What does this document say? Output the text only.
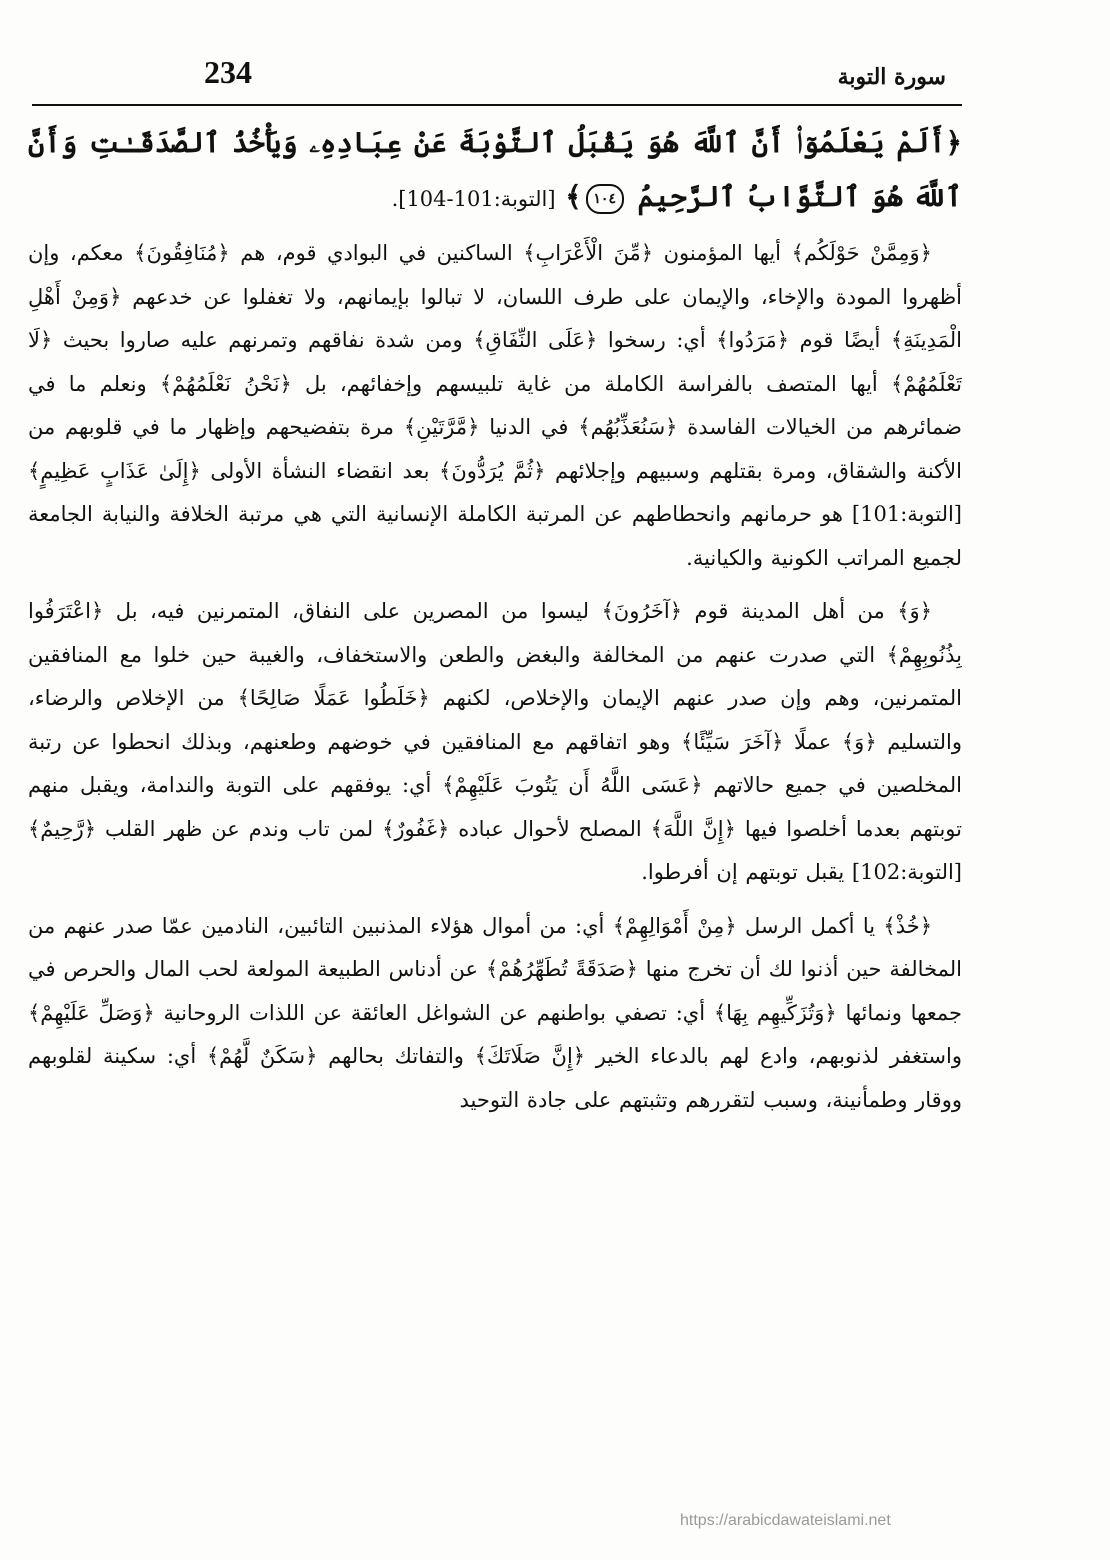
234	سورة التوبة

﴿أَلَمْ يَعْلَمُوٓا۟ أَنَّ ٱللَّهَ هُوَ يَقْبَلُ ٱلتَّوْبَةَ عَنْ عِبَادِهِۦ وَيَأْخُذُ ٱلصَّدَقَـٰتِ وَأَنَّ ٱللَّهَ هُوَ ٱلتَّوَّابُ ٱلرَّحِيمُ ١٠٤﴾ [التوبة:101-104].

﴿وَمِمَّنْ حَوْلَكُم﴾ أيها المؤمنون ﴿مِّنَ الْأَعْرَابِ﴾ الساكنين في البوادي قوم، هم ﴿مُنَافِقُونَ﴾ معكم، وإن أظهروا المودة والإخاء، والإيمان على طرف اللسان، لا تبالوا بإيمانهم، ولا تغفلوا عن خدعهم ﴿وَمِنْ أَهْلِ الْمَدِينَةِ﴾ أيضًا قوم ﴿مَرَدُوا﴾ أي: رسخوا ﴿عَلَى النِّفَاقِ﴾ ومن شدة نفاقهم وتمرنهم عليه صاروا بحيث ﴿لَا تَعْلَمُهُمْ﴾ أيها المتصف بالفراسة الكاملة من غاية تلبيسهم وإخفائهم، بل ﴿نَحْنُ نَعْلَمُهُمْ﴾ ونعلم ما في ضمائرهم من الخيالات الفاسدة ﴿سَنُعَذِّبُهُم﴾ في الدنيا ﴿مَّرَّتَيْنِ﴾ مرة بتفضيحهم وإظهار ما في قلوبهم من الأكنة والشقاق، ومرة بقتلهم وسبيهم وإجلائهم ﴿ثُمَّ يُرَدُّونَ﴾ بعد انقضاء النشأة الأولى ﴿إِلَىٰ عَذَابٍ عَظِيمٍ﴾ [التوبة:101] هو حرمانهم وانحطاطهم عن المرتبة الكاملة الإنسانية التي هي مرتبة الخلافة والنيابة الجامعة لجميع المراتب الكونية والكيانية.

﴿وَ﴾ من أهل المدينة قوم ﴿آخَرُونَ﴾ ليسوا من المصرين على النفاق، المتمرنين فيه، بل ﴿اعْتَرَفُوا بِذُنُوبِهِمْ﴾ التي صدرت عنهم من المخالفة والبغض والطعن والاستخفاف، والغيبة حين خلوا مع المنافقين المتمرنين، وهم وإن صدر عنهم الإيمان والإخلاص، لكنهم ﴿خَلَطُوا عَمَلًا صَالِحًا﴾ من الإخلاص والرضاء، والتسليم ﴿وَ﴾ عملًا ﴿آخَرَ سَيِّئًا﴾ وهو اتفاقهم مع المنافقين في خوضهم وطعنهم، وبذلك انحطوا عن رتبة المخلصين في جميع حالاتهم ﴿عَسَى اللَّهُ أَن يَتُوبَ عَلَيْهِمْ﴾ أي: يوفقهم على التوبة والندامة، ويقبل منهم توبتهم بعدما أخلصوا فيها ﴿إِنَّ اللَّهَ﴾ المصلح لأحوال عباده ﴿غَفُورٌ﴾ لمن تاب وندم عن ظهر القلب ﴿رَّحِيمٌ﴾ [التوبة:102] يقبل توبتهم إن أفرطوا.

﴿خُذْ﴾ يا أكمل الرسل ﴿مِنْ أَمْوَالِهِمْ﴾ أي: من أموال هؤلاء المذنبين التائبين، النادمين عمّا صدر عنهم من المخالفة حين أذنوا لك أن تخرج منها ﴿صَدَقَةً تُطَهِّرُهُمْ﴾ عن أدناس الطبيعة المولعة لحب المال والحرص في جمعها ونمائها ﴿وَتُزَكِّيهِم بِهَا﴾ أي: تصفي بواطنهم عن الشواغل العائقة عن اللذات الروحانية ﴿وَصَلِّ عَلَيْهِمْ﴾ واستغفر لذنوبهم، وادع لهم بالدعاء الخير ﴿إِنَّ صَلَاتَكَ﴾ والتفاتك بحالهم ﴿سَكَنٌ لَّهُمْ﴾ أي: سكينة لقلوبهم ووقار وطمأنينة، وسبب لتقررهم وتثبتهم على جادة التوحيد

https://arabicdawateislami.net
